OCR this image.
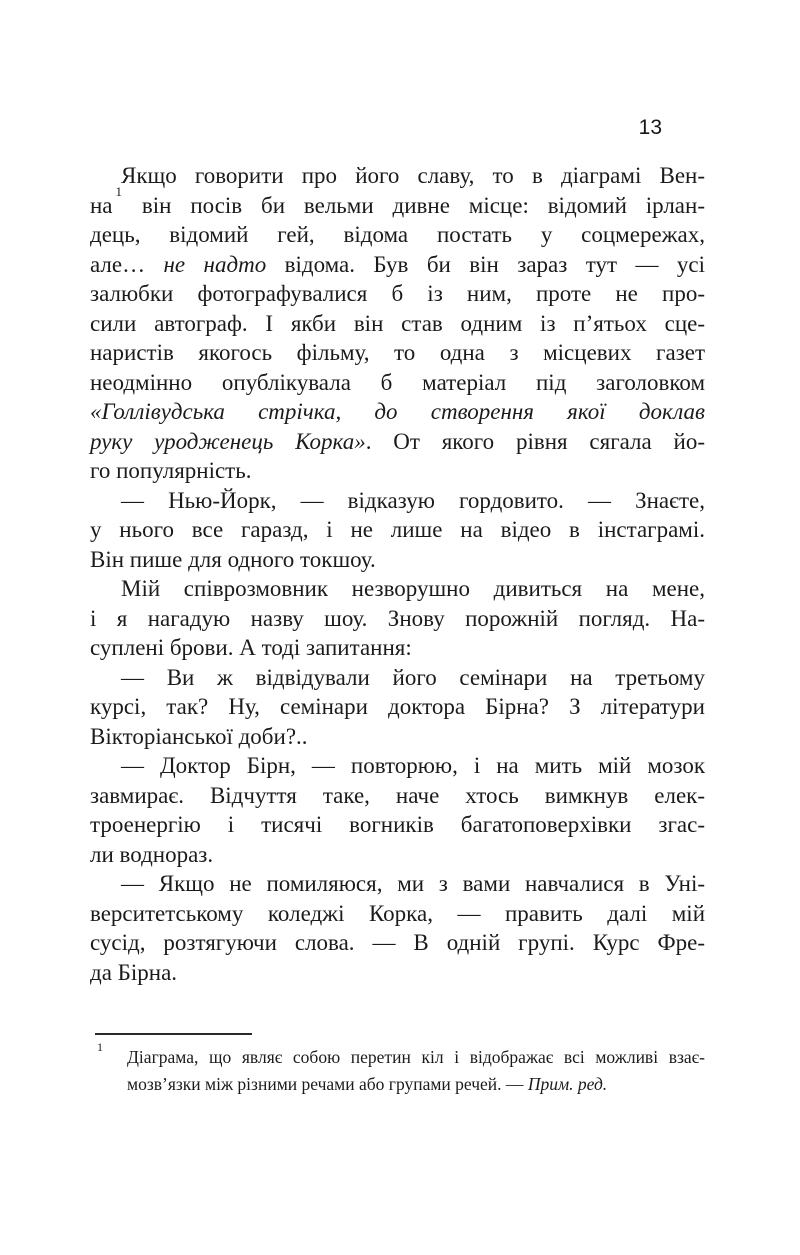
13
Якщо говорити про його славу, то в діаграмі Вен-
$на^1$ він посів би вельми дивне місце: відомий ірлан-
дець, відомий гей, відома постать у соцмережах,
але… не надто відома. Був би він зараз тут — усі
залюбки фотографувалися б із ним, проте не про-
сили автограф. І якби він став одним із п’ятьох сце-
наристів якогось фільму, то одна з місцевих газет
неодмінно опублікувала б матеріал під заголовком
«Голлівудська стрічка, до створення якої доклав
руку уродженець Корка». От якого рівня сягала йо-
го популярність.
— Нью-Йорк, — відказую гордовито. — Знаєте,
у нього все гаразд, і не лише на відео в інстаграмі.
Він пише для одного токшоу.
Мій співрозмовник незворушно дивиться на мене,
і я нагадую назву шоу. Знову порожній погляд. На-
суплені брови. А тоді запитання:
— Ви ж відвідували його семінари на третьому
курсі, так? Ну, семінари доктора Бірна? З літератури
Вікторіанської доби?..
— Доктор Бірн, — повторюю, і на мить мій мозок
завмирає. Відчуття таке, наче хтось вимкнув елек-
троенергію і тисячі вогників багатоповерхівки згас-
ли воднораз.
— Якщо не помиляюся, ми з вами навчалися в Уні-
верситетському коледжі Корка, — править далі мій
сусід, розтягуючи слова. — В одній групі. Курс Фре-
да Бірна.
1 Діаграма, що являє собою перетин кіл і відображає всі можливі взає-
мозв’язки між різними речами або групами речей. — Прим. ред.
